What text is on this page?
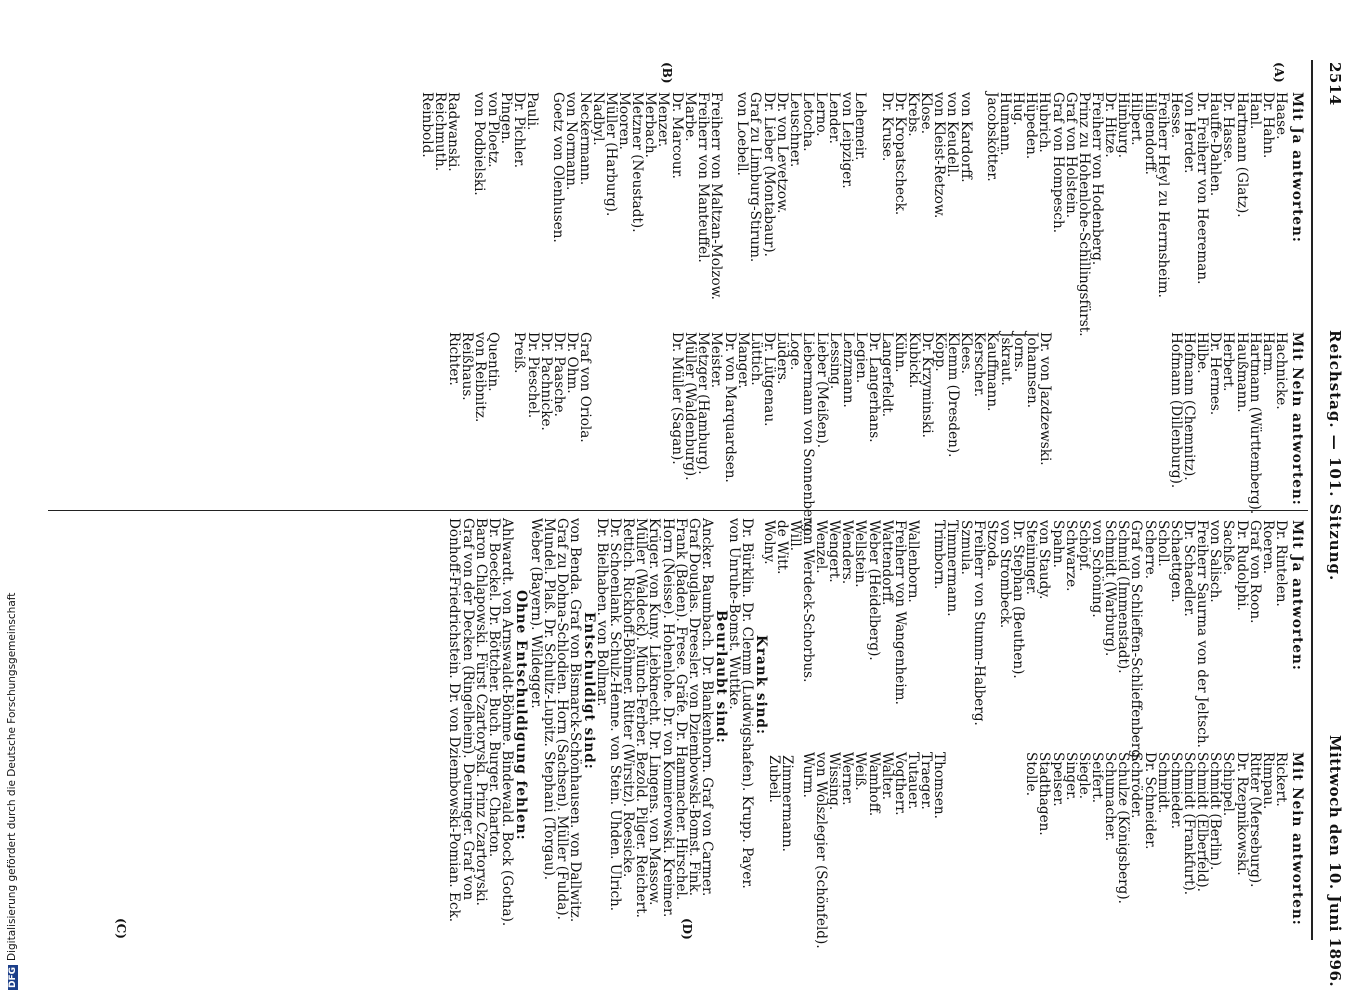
2514
Reichstag. — 101. Sitzung.
Mittwoch den 10. Juni 1896.
(A)
(B)
(C)	(D)
Mit Ja antworten:
Mit Nein antworten:
Haase.
Dr. Hahn.
Hanl.
Hartmann (Glatz).
Dr. Hasse.
Hauffe-Dahlen.
Dr. Freiherr von Heereman.
von Herder.
Hesse.
Freiherr Heyl zu Herrnsheim.
Hilgendorff.
Hilpert.
Himburg.
Dr. Hitze.
Freiherr von Hodenberg.
Prinz zu Hohenlohe-Schillingsfürst.
Graf von Holstein.
Graf von Hompesch.
Hubrich.
Hüpeden.
Hug.
Humann.
Jacobskötter.
von Kardorff.
von Keudell.
von Kleist-Retzow.
Klose.
Krebs.
Dr. Kropatscheck.
Dr. Kruse.
Lehemeir.
von Leipziger.
Lender.
Lerno.
Letocha.
Leuschner.
Dr. von Levetzow.
Dr. Lieber (Montabaur).
Graf zu Limburg-Stirum.
von Loebell.
Freiherr von Maltzan-Molzow.
Freiherr von Manteuffel.
Marbe.
Dr. Marcour.
Menzer.
Merbach.
Metzner (Neustadt).
Mooren.
Müller (Harburg).
Nadbyl.
Neckermann.
von Normann.
Goetz von Olenhusen.
Pauli.
Dr. Pichler.
Pingen.
von Ploetz.
von Podbielski.
Radwanski.
Reichmuth.
Reinbold.
Hachnicke.
Harm.
Hartmann (Württemberg).
Haußmann.
Herbert.
Dr. Hermes.
Hilbe.
Hofmann (Chemnitz).
Hofmann (Dillenburg).
Dr. von Jazdzewski.
Johannsen.
Jorns.
Jskraut.
Kauffmann.
Kerscher.
Klees.
Klemm (Dresden).
Köpp.
Dr. Krzyminski.
Kubicki.
Kühn.
Langerfeldt.
Dr. Langerhans.
Legien.
Lenzmann.
Lessing.
Lieber (Meißen).
Liebermann von Sonnenberg.
Loge.
Lüders.
Dr. Lütgenau.
Lüttich.
Manger.
Dr. von Marquardsen.
Meister.
Metzger (Hamburg).
Müller (Waldenburg).
Dr. Müller (Sagan).
Graf von Oriola.
Dr. Ohm.
Dr. Paasche.
Dr. Pachnicke.
Dr. Pieschel.
Preiß.
Quentin.
von Reibnitz.
Reißhaus.
Richter.
Mit Ja antworten:
Mit Nein antworten:
Dr. Rintelen.
Roeren.
Graf von Roon.
Dr. Rudolphi.
Sachße.
von Salisch.
Freiherr Saurma von der Jeltsch.
Dr. Schaedler.
Schaettgen.
Scholl.
Scherre.
Graf von Schlieffen-Schlieffenberg.
Schmid (Immenstadt).
Schmidt (Warburg).
von Schöning.
Schöpf.
Schwarze.
Spahn.
von Staudy.
Steininger.
Dr. Stephan (Beuthen).
von Strombeck.
Stzoda.
Freiherr von Stumm-Halberg.
Szmula.
Timmermann.
Trimborn.
Wallenborn.
Freiherr von Wangenheim.
Wattendorff.
Weber (Heidelberg).
Wellstein.
Wenders.
Wengert.
Wenzel.
von Werdeck-Schorbus.
Will.
de Witt.
Wolny.
Rickert.
Rimpau.
Ritter (Merseburg).
Dr. Rzepnikowski.
Schippel.
Schmidt (Berlin).
Schmidt (Elberfeld).
Schmidt (Frankfurt).
Schmieder.
Schmidt.
Dr. Schneider.
Schröder.
Schulze (Königsberg).
Schumacher.
Seifert.
Siegle.
Singer.
Speiser.
Stadthagen.
Stolle.
Thomsen.
Traeger.
Tutauer.
Vogtherr.
Walter.
Wamhoff.
Weiß.
Werner.
Wissing.
von Wolszlegier (Schönfeld).
Wurm.
Zimmermann.
Zubeil.
Krank sind:
Dr. Bürklin. Dr. Clemm (Ludwigshafen). Krupp. Payer.
von Unruhe-Bomst. Wuttke.
Beurlaubt sind:
Ancker. Baumbach. Dr. Blankenhorn. Graf von Carmer.
Graf Douglas. Dreesler. von Dziembowski-Bomst. Fink.
Frank (Baden). Frese. Gräfe. Dr. Hammacher. Hirschel.
Horn (Neisse). Hohenlohe. Dr. von Komierowski. Kreimer.
Krüger. von Kuny. Liebknecht. Dr. Lingens. von Massow.
Müller (Waldeck). Münch-Ferber. Bezold. Pilger. Reichert.
Rettich. Rickhoff-Böhmer. Ritter (Wirsitz). Roesicke.
Dr. Schoenlank. Schulz-Henne. von Stein. Uhden. Ulrich.
Dr. Bielhaben. von Bollmar.
Entschuldigt sind:
von Benda. Graf von Bismarck-Schönhausen. von Dallwitz.
Graf zu Dohna-Schlodien. Horn (Sachsen). Müller (Fulda).
Mundel. Plaß. Dr. Schultz-Lupitz. Stephani (Torgau).
Weber (Bayern). Wildegger.
Ohne Entschuldigung fehlen:
Ahlwardt. von Arnswaldt-Böhme. Bindewald. Bock (Gotha).
Dr. Boeckel. Dr. Böttcher. Buch. Burger. Charton.
Baron Chlapowski. Fürst Czartoryski. Prinz Czartoryski.
Graf von der Decken (Ringelheim). Deuringer. Graf von
Dönhoff-Friedrichstein. Dr. von Dziembowski-Pomian. Eck.
DFGDigitalisierung gefördert durch die Deutsche Forschungsgemeinschaft
